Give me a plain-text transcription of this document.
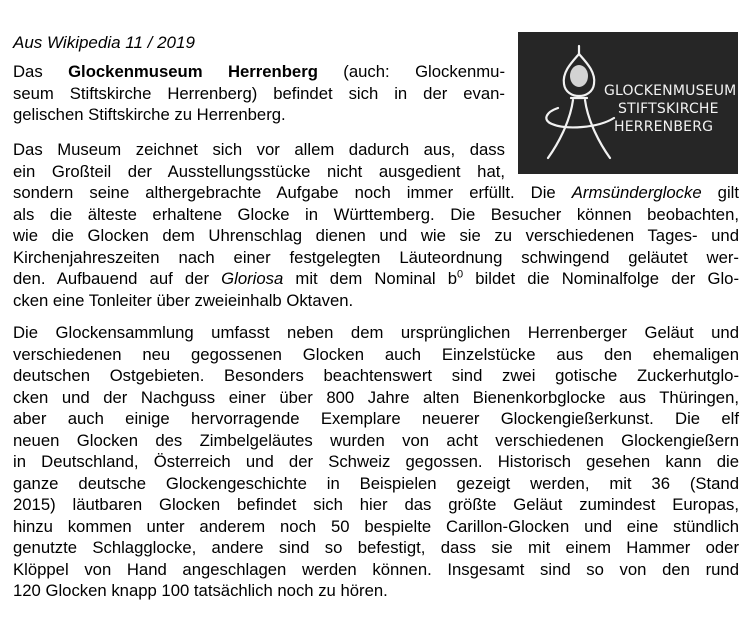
Aus Wikipedia 11 / 2019

GLOCKENMUSEUM
STIFTSKIRCHE
HERRENBERG
Das Glockenmuseum Herrenberg (auch: Glockenmu-
seum Stiftskirche Herrenberg) befindet sich in der evan-
gelischen Stiftskirche zu Herrenberg.
Das Museum zeichnet sich vor allem dadurch aus, dass
ein Großteil der Ausstellungsstücke nicht ausgedient hat,
sondern seine althergebrachte Aufgabe noch immer erfüllt. Die Armsünderglocke gilt
als die älteste erhaltene Glocke in Württemberg. Die Besucher können beobachten,
wie die Glocken dem Uhrenschlag dienen und wie sie zu verschiedenen Tages- und
Kirchenjahreszeiten nach einer festgelegten Läuteordnung schwingend geläutet wer-
den. Aufbauend auf der Gloriosa mit dem Nominal $b^0$ bildet die Nominalfolge der Glo-
cken eine Tonleiter über zweieinhalb Oktaven.
Die Glockensammlung umfasst neben dem ursprünglichen Herrenberger Geläut und
verschiedenen neu gegossenen Glocken auch Einzelstücke aus den ehemaligen
deutschen Ostgebieten. Besonders beachtenswert sind zwei gotische Zuckerhutglo-
cken und der Nachguss einer über 800 Jahre alten Bienenkorbglocke aus Thüringen,
aber auch einige hervorragende Exemplare neuerer Glockengießerkunst. Die elf
neuen Glocken des Zimbelgeläutes wurden von acht verschiedenen Glockengießern
in Deutschland, Österreich und der Schweiz gegossen. Historisch gesehen kann die
ganze deutsche Glockengeschichte in Beispielen gezeigt werden, mit 36 (Stand
2015) läutbaren Glocken befindet sich hier das größte Geläut zumindest Europas,
hinzu kommen unter anderem noch 50 bespielte Carillon-Glocken und eine stündlich
genutzte Schlagglocke, andere sind so befestigt, dass sie mit einem Hammer oder
Klöppel von Hand angeschlagen werden können. Insgesamt sind so von den rund
120 Glocken knapp 100 tatsächlich noch zu hören.
